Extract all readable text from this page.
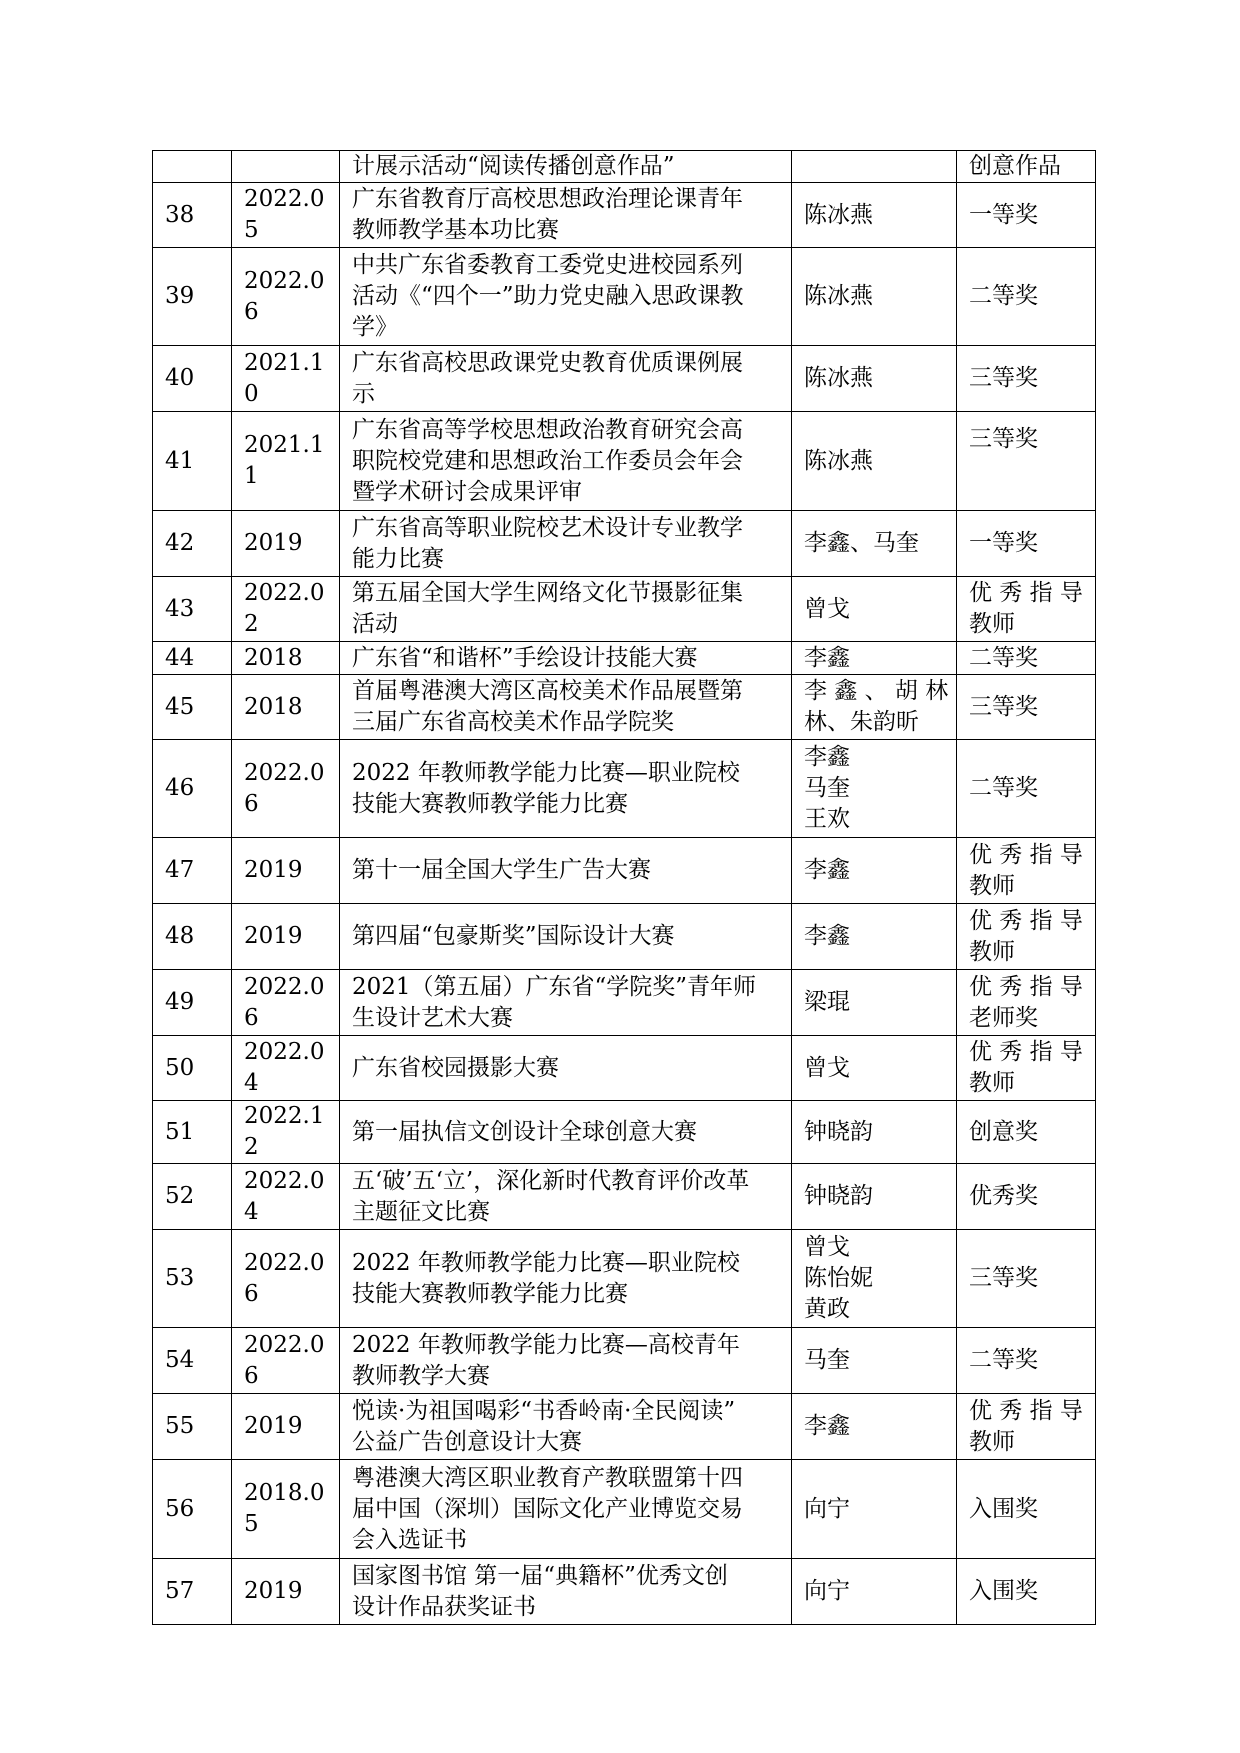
		计展示活动“阅读传播创意作品”		创意作品

38	2022.05	广东省教育厅高校思想政治理论课青年
教师教学基本功比赛	陈冰燕	一等奖

39	2022.06	中共广东省委教育工委党史进校园系列
活动《“四个一”助力党史融入思政课教
学》	陈冰燕	二等奖

40	2021.10	广东省高校思政课党史教育优质课例展
示	陈冰燕	三等奖

41	2021.11	广东省高等学校思想政治教育研究会高
职院校党建和思想政治工作委员会年会
暨学术研讨会成果评审	陈冰燕	三等奖

42	2019	广东省高等职业院校艺术设计专业教学
能力比赛	李鑫、马奎	一等奖

43	2022.02	第五届全国大学生网络文化节摄影征集
活动	曾戈	优 秀 指 导
教师

44	2018	广东省“和谐杯”手绘设计技能大赛	李鑫	二等奖

45	2018	首届粤港澳大湾区高校美术作品展暨第
三届广东省高校美术作品学院奖	李 鑫 、 胡 林
林、朱韵昕	三等奖

46	2022.06	2022 年教师教学能力比赛—职业院校
技能大赛教师教学能力比赛	李鑫
马奎
王欢	二等奖

47	2019	第十一届全国大学生广告大赛	李鑫	优 秀 指 导
教师

48	2019	第四届“包豪斯奖”国际设计大赛	李鑫	优 秀 指 导
教师

49	2022.06	2021（第五届）广东省“学院奖”青年师
生设计艺术大赛	梁琨	优 秀 指 导
老师奖

50	2022.04	广东省校园摄影大赛	曾戈	优 秀 指 导
教师

51	2022.12	第一届执信文创设计全球创意大赛	钟晓韵	创意奖

52	2022.04	五‘破’五‘立’，深化新时代教育评价改革
主题征文比赛	钟晓韵	优秀奖

53	2022.06	2022 年教师教学能力比赛—职业院校
技能大赛教师教学能力比赛	曾戈
陈怡妮
黄政	三等奖

54	2022.06	2022 年教师教学能力比赛—高校青年
教师教学大赛	马奎	二等奖

55	2019	悦读·为祖国喝彩“书香岭南·全民阅读”
公益广告创意设计大赛	李鑫	优 秀 指 导
教师

56	2018.05	粤港澳大湾区职业教育产教联盟第十四
届中国（深圳）国际文化产业博览交易
会入选证书	向宁	入围奖

57	2019	国家图书馆 第一届“典籍杯”优秀文创
设计作品获奖证书	向宁	入围奖
